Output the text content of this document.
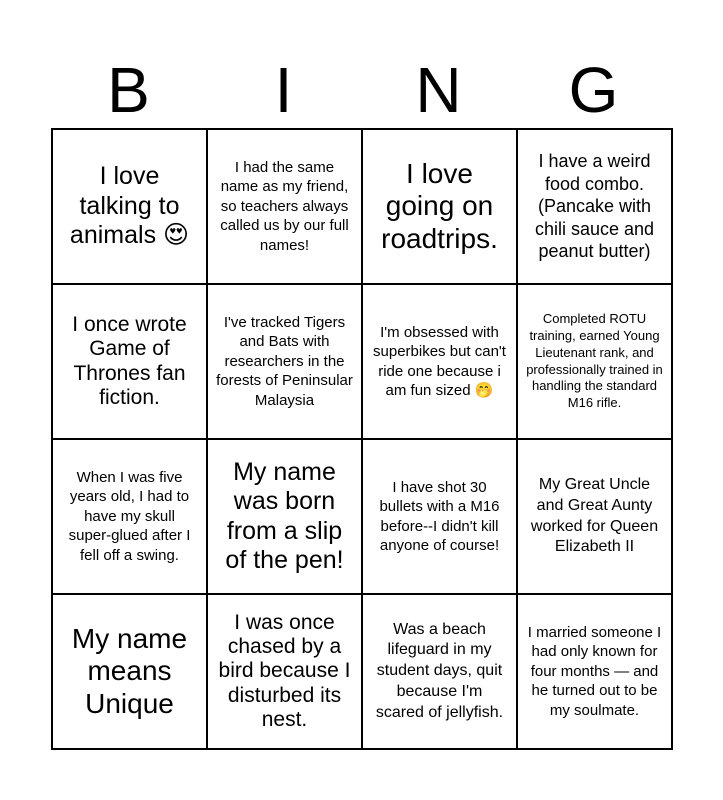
B	I	N	G
I love talking to animals 😍	I had the same name as my friend, so teachers always called us by our full names!	I love going on roadtrips.	I have a weird food combo. (Pancake with chili sauce and peanut butter)
I once wrote Game of Thrones fan fiction.	I've tracked Tigers and Bats with researchers in the forests of Peninsular Malaysia	I'm obsessed with superbikes but can't ride one because i am fun sized 🤭	Completed ROTU training, earned Young Lieutenant rank, and professionally trained in handling the standard M16 rifle.
When I was five years old, I had to have my skull super-glued after I fell off a swing.	My name was born from a slip of the pen!	I have shot 30 bullets with a M16 before--I didn't kill anyone of course!	My Great Uncle and Great Aunty worked for Queen Elizabeth II
My name means Unique	I was once chased by a bird because I disturbed its nest.	Was a beach lifeguard in my student days, quit because I'm scared of jellyfish.	I married someone I had only known for four months — and he turned out to be my soulmate.
